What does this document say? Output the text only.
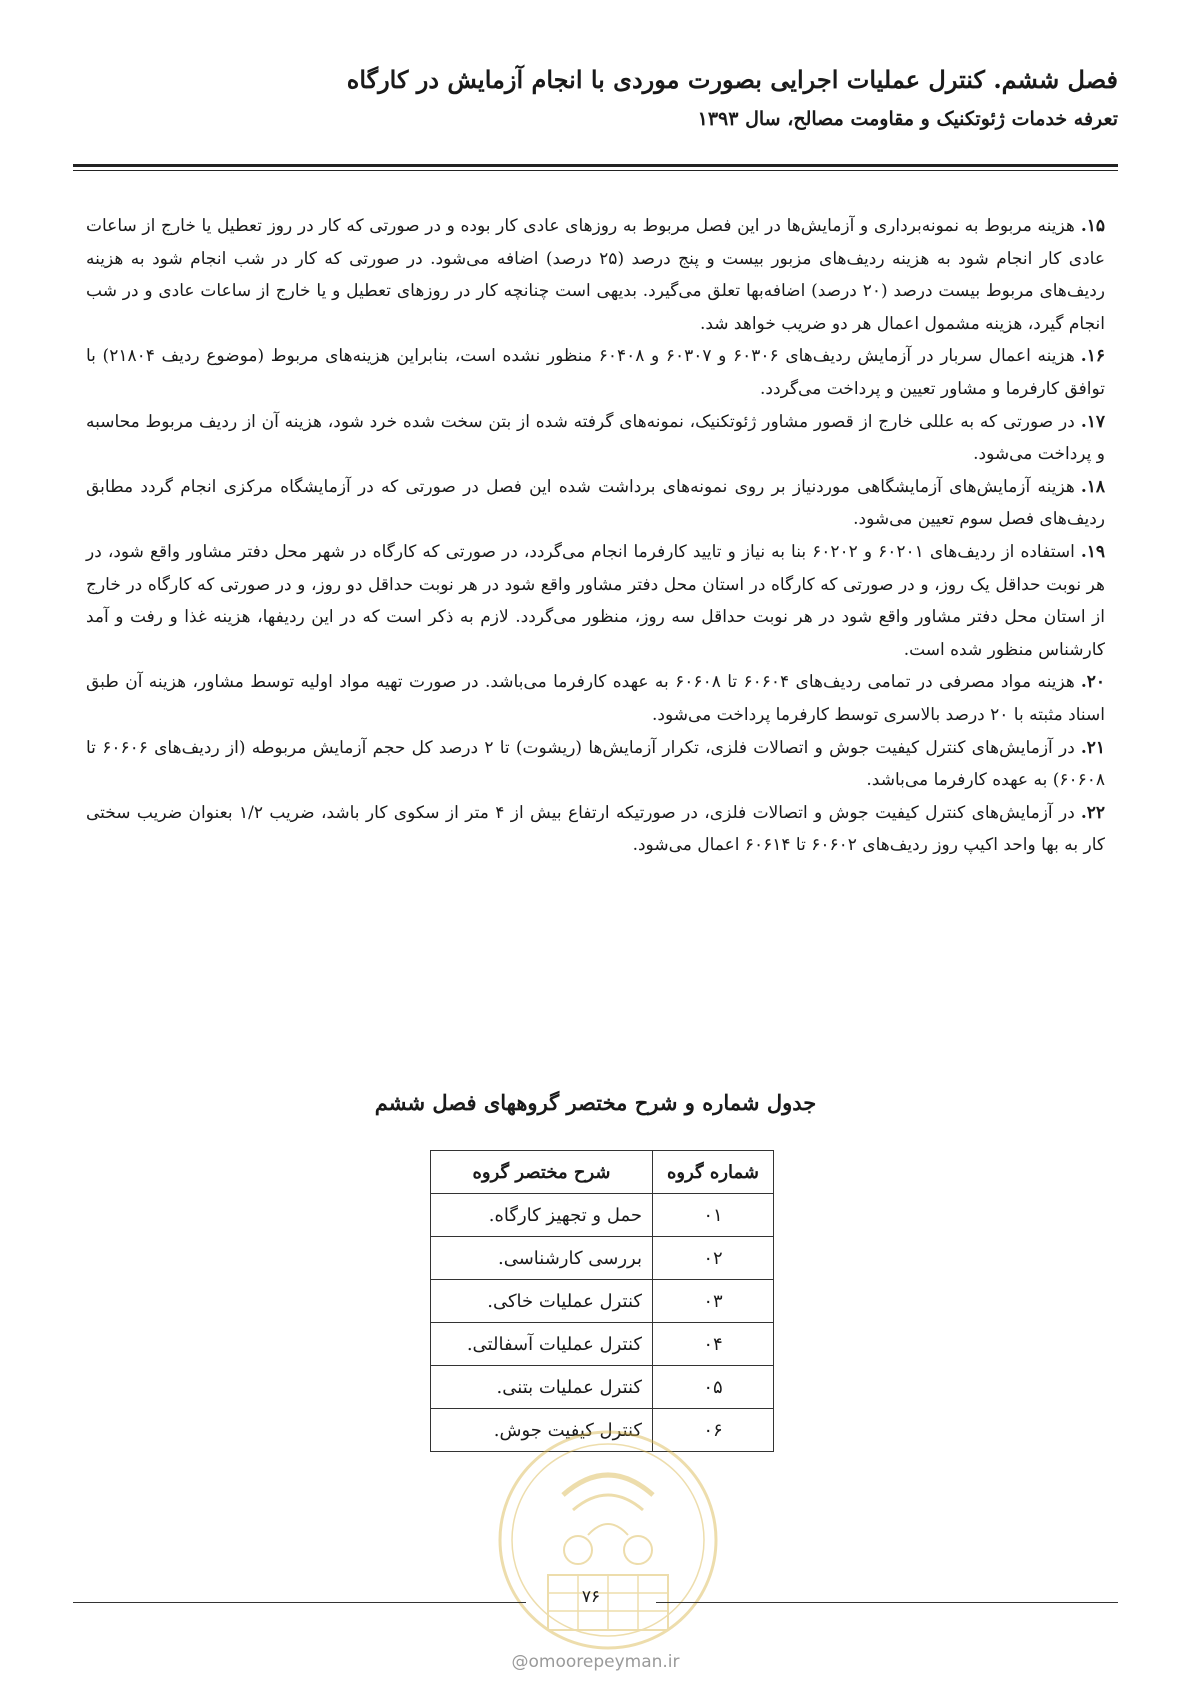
فصل ششم. کنترل عملیات اجرایی بصورت موردی با انجام آزمایش در کارگاه

تعرفه خدمات ژئوتکنیک و مقاومت مصالح، سال ۱۳۹۳

۱۵.هزینه مربوط به نمونه‌برداری و آزمایش‌ها در این فصل مربوط به روزهای عادی کار بوده و در صورتی که کار در روز تعطیل یا خارج از ساعات عادی کار انجام شود به هزینه ردیف‌های مزبور بیست و پنج درصد (۲۵ درصد) اضافه می‌شود. در صورتی که کار در شب انجام شود به هزینه ردیف‌های مربوط بیست درصد (۲۰ درصد) اضافه‌بها تعلق می‌گیرد. بدیهی است چنانچه کار در روزهای تعطیل و یا خارج از ساعات عادی و در شب انجام گیرد، هزینه مشمول اعمال هر دو ضریب خواهد شد.

۱۶.هزینه اعمال سربار در آزمایش ردیف‌های ۶۰۳۰۶ و ۶۰۳۰۷ و ۶۰۴۰۸ منظور نشده است، بنابراین هزینه‌های مربوط (موضوع ردیف ۲۱۸۰۴) با توافق کارفرما و مشاور تعیین و پرداخت می‌گردد.

۱۷.در صورتی که به عللی خارج از قصور مشاور ژئوتکنیک، نمونه‌های گرفته شده از بتن سخت شده خرد شود، هزینه آن از ردیف مربوط محاسبه و پرداخت می‌شود.

۱۸.هزینه آزمایش‌های آزمایشگاهی موردنیاز بر روی نمونه‌های برداشت شده این فصل در صورتی که در آزمایشگاه مرکزی انجام گردد مطابق ردیف‌های فصل سوم تعیین می‌شود.

۱۹.استفاده از ردیف‌های ۶۰۲۰۱ و ۶۰۲۰۲ بنا به نیاز و تایید کارفرما انجام می‌گردد، در صورتی که کارگاه در شهر محل دفتر مشاور واقع شود، در هر نوبت حداقل یک روز، و در صورتی که کارگاه در استان محل دفتر مشاور واقع شود در هر نوبت حداقل دو روز، و در صورتی که کارگاه در خارج از استان محل دفتر مشاور واقع شود در هر نوبت حداقل سه روز، منظور می‌گردد. لازم به ذکر است که در این ردیفها، هزینه غذا و رفت و آمد کارشناس منظور شده است.

۲۰.هزینه مواد مصرفی در تمامی ردیف‌های ۶۰۶۰۴ تا ۶۰۶۰۸ به عهده کارفرما می‌باشد. در صورت تهیه مواد اولیه توسط مشاور، هزینه آن طبق اسناد مثبته با ۲۰ درصد بالاسری توسط کارفرما پرداخت می‌شود.

۲۱.در آزمایش‌های کنترل کیفیت جوش و اتصالات فلزی، تکرار آزمایش‌ها (ریشوت) تا ۲ درصد کل حجم آزمایش مربوطه (از ردیف‌های ۶۰۶۰۶ تا ۶۰۶۰۸) به عهده کارفرما می‌باشد.

۲۲.در آزمایش‌های کنترل کیفیت جوش و اتصالات فلزی، در صورتیکه ارتفاع بیش از ۴ متر از سکوی کار باشد، ضریب ۱/۲ بعنوان ضریب سختی کار به بها واحد اکیپ روز ردیف‌های ۶۰۶۰۲ تا ۶۰۶۱۴ اعمال می‌شود.

جدول شماره و شرح مختصر گروههای فصل ششم
شماره گروه	شرح مختصر گروه
۰۱	حمل و تجهیز کارگاه.
۰۲	بررسی کارشناسی.
۰۳	کنترل عملیات خاکی.
۰۴	کنترل عملیات آسفالتی.
۰۵	کنترل عملیات بتنی.
۰۶	کنترل کیفیت جوش.
۷۶
@omoorepeyman.ir
